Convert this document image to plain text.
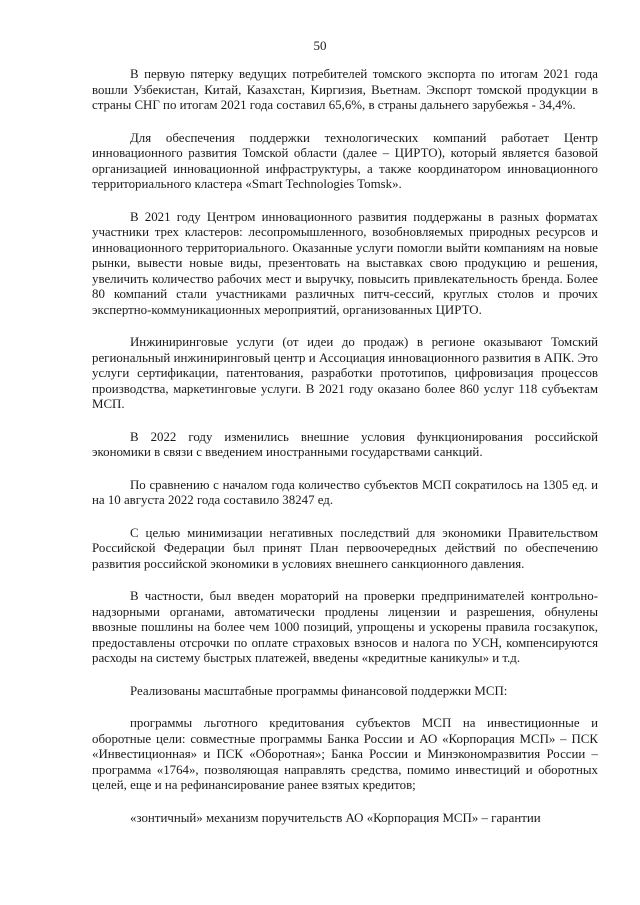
50

В первую пятерку ведущих потребителей томского экспорта по итогам 2021 года вошли Узбекистан, Китай, Казахстан, Киргизия, Вьетнам. Экспорт томской продукции в страны СНГ по итогам 2021 года составил 65,6%, в страны дальнего зарубежья - 34,4%.

Для обеспечения поддержки технологических компаний работает Центр инновационного развития Томской области (далее – ЦИРТО), который является базовой организацией инновационной инфраструктуры, а также координатором инновационного территориального кластера «Smart Technologies Tomsk».

В 2021 году Центром инновационного развития поддержаны в разных форматах участники трех кластеров: лесопромышленного, возобновляемых природных ресурсов и инновационного территориального. Оказанные услуги помогли выйти компаниям на новые рынки, вывести новые виды, презентовать на выставках свою продукцию и решения, увеличить количество рабочих мест и выручку, повысить привлекательность бренда. Более 80 компаний стали участниками различных питч-сессий, круглых столов и прочих экспертно-коммуникационных мероприятий, организованных ЦИРТО.

Инжиниринговые услуги (от идеи до продаж) в регионе оказывают Томский региональный инжиниринговый центр и Ассоциация инновационного развития в АПК. Это услуги сертификации, патентования, разработки прототипов, цифровизация процессов производства, маркетинговые услуги. В 2021 году оказано более 860 услуг 118 субъектам МСП.

В 2022 году изменились внешние условия функционирования российской экономики в связи с введением иностранными государствами санкций.

По сравнению с началом года количество субъектов МСП сократилось на 1305 ед. и на 10 августа 2022 года составило 38247 ед.

С целью минимизации негативных последствий для экономики Правительством Российской Федерации был принят План первоочередных действий по обеспечению развития российской экономики в условиях внешнего санкционного давления.

В частности, был введен мораторий на проверки предпринимателей контрольно-надзорными органами, автоматически продлены лицензии и разрешения, обнулены ввозные пошлины на более чем 1000 позиций, упрощены и ускорены правила госзакупок, предоставлены отсрочки по оплате страховых взносов и налога по УСН, компенсируются расходы на систему быстрых платежей, введены «кредитные каникулы» и т.д.

Реализованы масштабные программы финансовой поддержки МСП:

программы льготного кредитования субъектов МСП на инвестиционные и оборотные цели: совместные программы Банка России и АО «Корпорация МСП» – ПСК «Инвестиционная» и ПСК «Оборотная»; Банка России и Минэкономразвития России – программа «1764», позволяющая направлять средства, помимо инвестиций и оборотных целей, еще и на рефинансирование ранее взятых кредитов;

«зонтичный» механизм поручительств АО «Корпорация МСП» – гарантии
